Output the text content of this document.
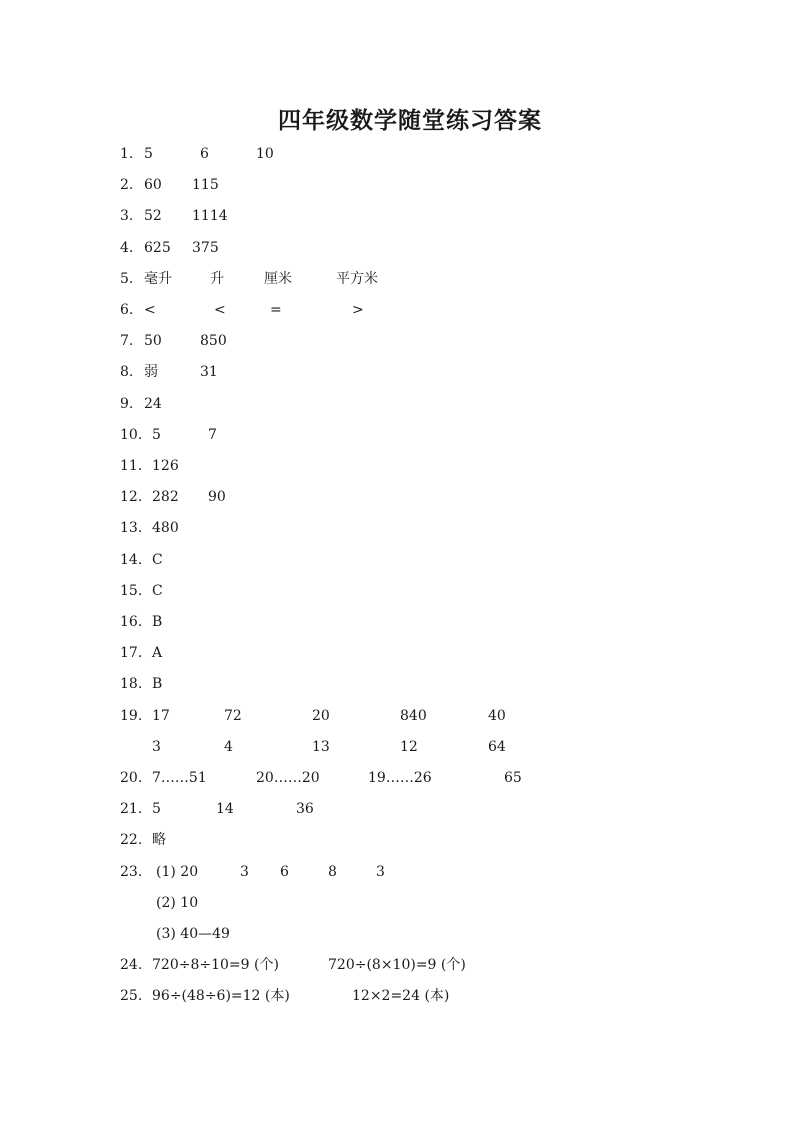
四年级数学随堂练习答案
1. 5	6	10
2. 60 115
3. 52 1114
4. 625 375
5. 毫升	升	厘米	平方米
6. <	<	=	>
7. 50	850
8. 弱	31
9. 24
10. 5	7
11. 126
12. 282 90
13. 480
14. C
15. C
16. B
17. A
18. B
19. 17	72	20	840	40
3	4	13	12	64
20. 7……51	20……20	19……26	65
21. 5	14	36
22. 略
23. (1) 20	3 6	8	3
(2) 10
(3) 40—49
24. 720÷8÷10=9 (个)	720÷(8×10)=9 (个)
25. 96÷(48÷6)=12 (本)	12×2=24 (本)
